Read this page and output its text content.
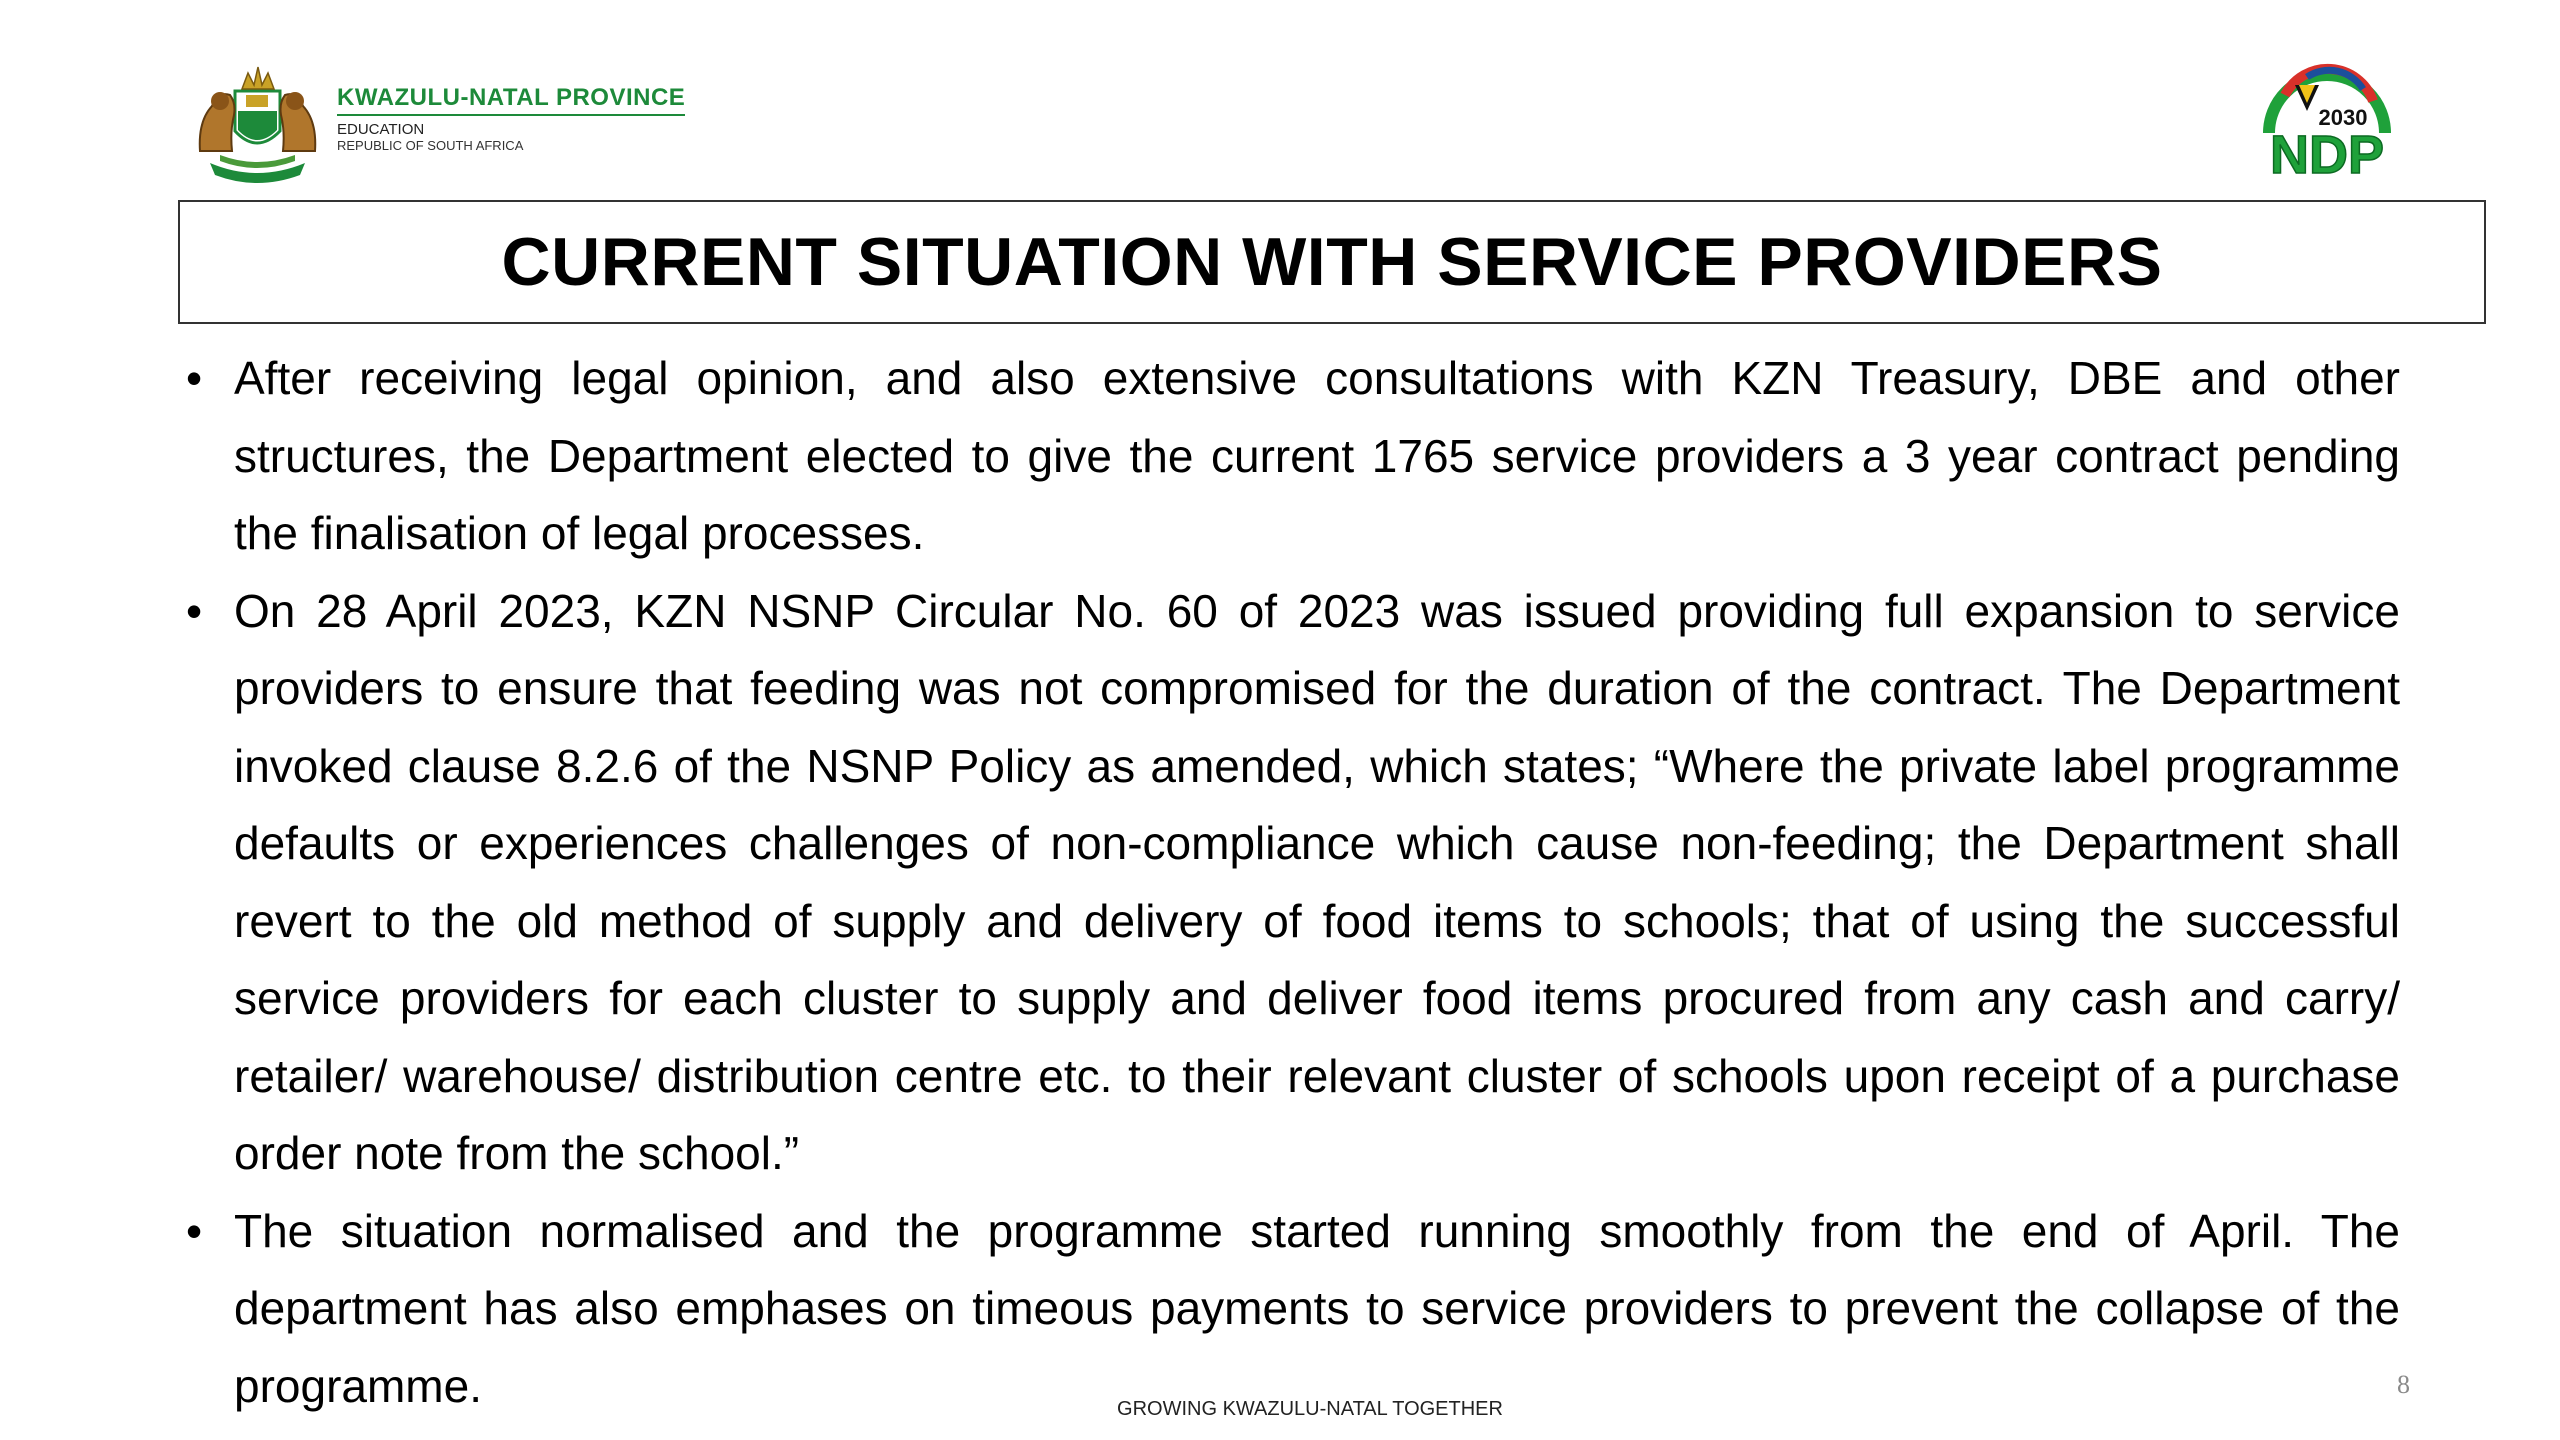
KWAZULU-NATAL PROVINCE
EDUCATION
REPUBLIC OF SOUTH AFRICA
2030
NDP
CURRENT SITUATION WITH SERVICE PROVIDERS
• After receiving legal opinion, and also extensive consultations with KZN Treasury, DBE and other structures, the Department elected to give the current 1765 service providers a 3 year contract pending the finalisation of legal processes.
• On 28 April 2023, KZN NSNP Circular No. 60 of 2023 was issued providing full expansion to service providers to ensure that feeding was not compromised for the duration of the contract. The Department invoked clause 8.2.6 of the NSNP Policy as amended, which states; “Where the private label programme defaults or experiences challenges of non-compliance which cause non-feeding; the Department shall revert to the old method of supply and delivery of food items to schools; that of using the successful service providers for each cluster to supply and deliver food items procured from any cash and carry/ retailer/ warehouse/ distribution centre etc. to their relevant cluster of schools upon receipt of a purchase order note from the school.”
• The situation normalised and the programme started running smoothly from the end of April. The department has also emphases on timeous payments to service providers to prevent the collapse of the programme.	GROWING KWAZULU-NATAL TOGETHER
8
